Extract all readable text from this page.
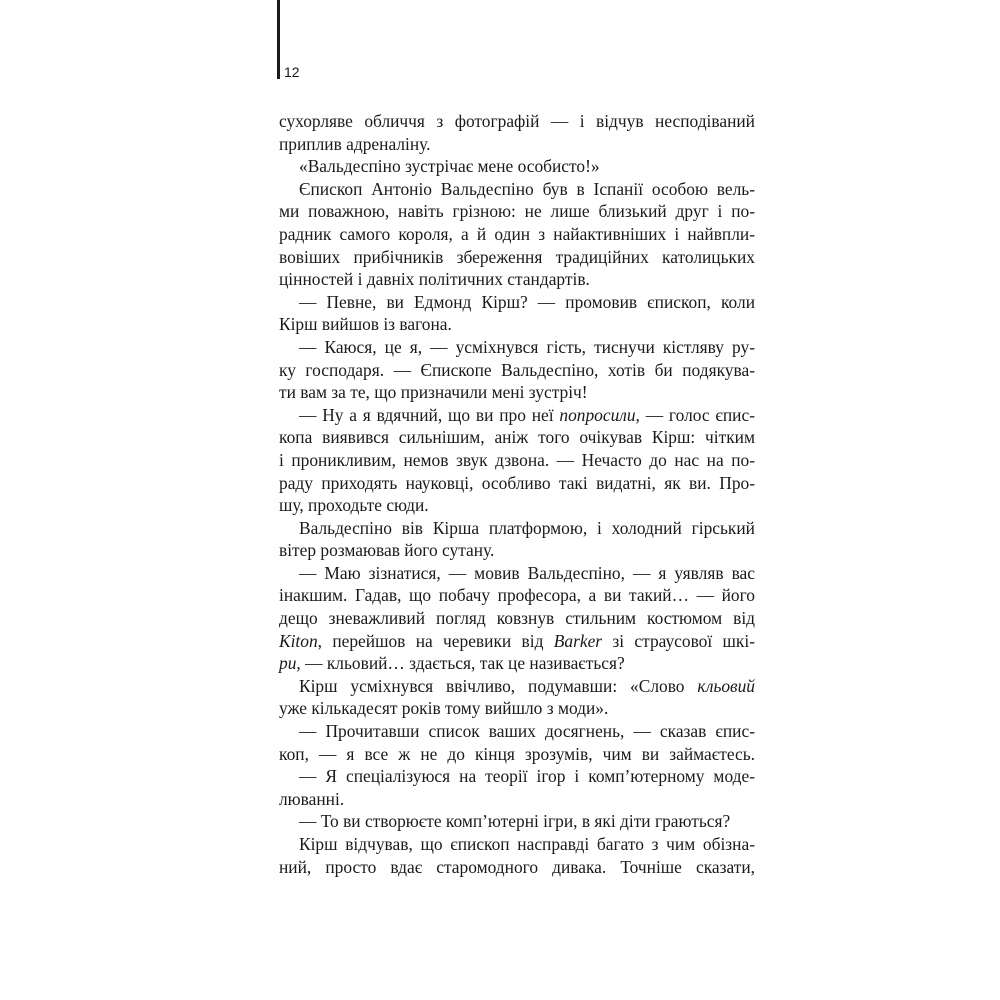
12
сухорляве обличчя з фотографій — і відчув несподіваний
приплив адреналіну.
«Вальдеспіно зустрічає мене особисто!»
Єпископ Антоніо Вальдеспіно був в Іспанії особою вель-
ми поважною, навіть грізною: не лише близький друг і по-
радник самого короля, а й один з найактивніших і найвпли-
вовіших прибічників збереження традиційних католицьких
цінностей і давніх політичних стандартів.
— Певне, ви Едмонд Кірш? — промовив єпископ, коли
Кірш вийшов із вагона.
— Каюся, це я, — усміхнувся гість, тиснучи кістляву ру-
ку господаря. — Єпископе Вальдеспіно, хотів би подякува-
ти вам за те, що призначили мені зустріч!
— Ну а я вдячний, що ви про неї попросили, — голос єпис-
копа виявився сильнішим, аніж того очікував Кірш: чітким
і проникливим, немов звук дзвона. — Нечасто до нас на по-
раду приходять науковці, особливо такі видатні, як ви. Про-
шу, проходьте сюди.
Вальдеспіно вів Кірша платформою, і холодний гірський
вітер розмаював його сутану.
— Маю зізнатися, — мовив Вальдеспіно, — я уявляв вас
інакшим. Гадав, що побачу професора, а ви такий… — його
дещо зневажливий погляд ковзнув стильним костюмом від
Kiton, перейшов на черевики від Barker зі страусової шкі-
ри, — кльовий… здається, так це називається?
Кірш усміхнувся ввічливо, подумавши: «Слово кльовий
уже кількадесят років тому вийшло з моди».
— Прочитавши список ваших досягнень, — сказав єпис-
коп, — я все ж не до кінця зрозумів, чим ви займаєтесь.
— Я спеціалізуюся на теорії ігор і комп’ютерному моде-
люванні.
— То ви створюєте комп’ютерні ігри, в які діти граються?
Кірш відчував, що єпископ насправді багато з чим обізна-
ний, просто вдає старомодного дивака. Точніше сказати,
